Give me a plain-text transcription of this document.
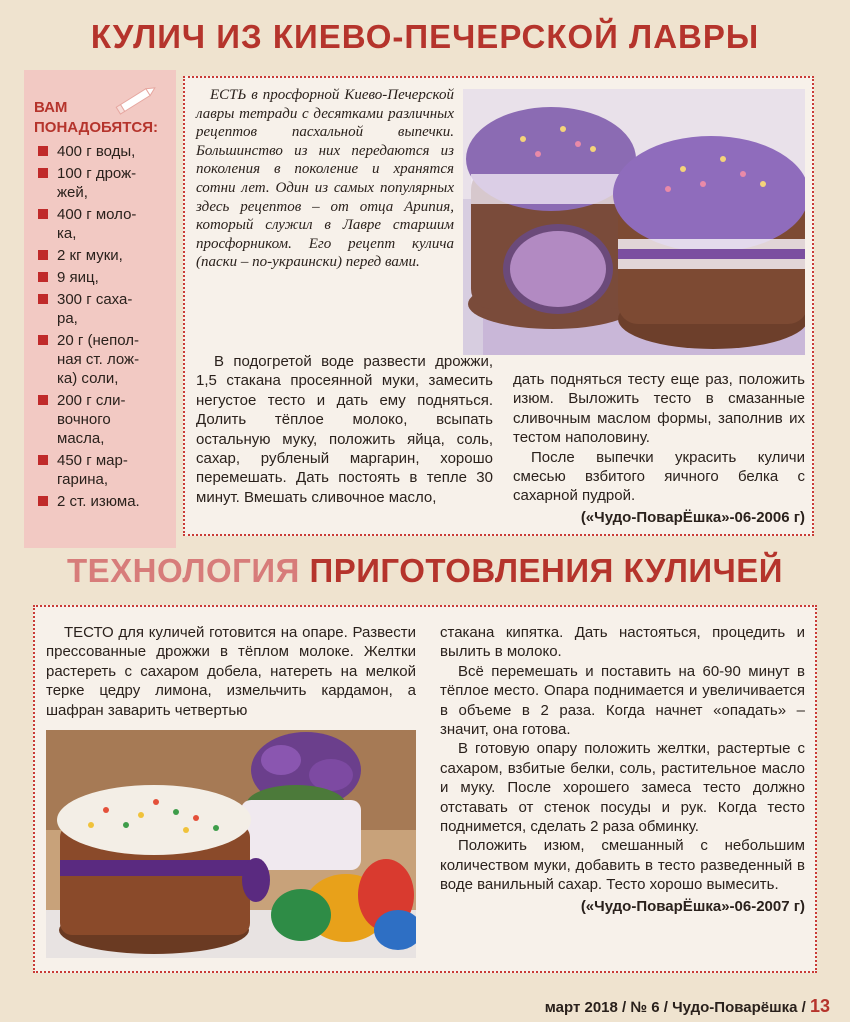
КУЛИЧ ИЗ КИЕВО-ПЕЧЕРСКОЙ ЛАВРЫ
ВАМ ПОНАДОБЯТСЯ:
400 г воды,
100 г дрож-
жей,
400 г моло-
ка,
2 кг муки,
9 яиц,
300 г саха-
ра,
20 г (непол-
ная ст. лож-
ка) соли,
200 г сли-
вочного
масла,
450 г мар-
гарина,
2 ст. изюма.

ЕСТЬ в просфорной Киево-Печерской лавры тетради с десятками различных рецептов пасхальной выпечки. Большинство из них передаются из поколения в поколение и хранятся сотни лет. Один из самых популярных здесь рецептов – от отца Арипия, который служил в Лавре старшим просфорником. Его рецепт кулича (паски – по-украински) перед вами.

В подогретой воде развести дрожжи, 1,5 стакана просеянной муки, замесить негустое тесто и дать ему подняться. Долить тёплое молоко, всыпать остальную муку, положить яйца, соль, сахар, рубленый маргарин, хорошо перемешать. Дать постоять в тепле 30 минут. Вмешать сливочное масло,

дать подняться тесту еще раз, положить изюм. Выложить тесто в смазанные сливочным маслом формы, заполнив их тестом наполовину.

После выпечки украсить куличи смесью взбитого яичного белка с сахарной пудрой.

(«Чудо-ПоварЁшка»-06-2006 г)

ТЕХНОЛОГИЯ ПРИГОТОВЛЕНИЯ КУЛИЧЕЙ

ТЕСТО для куличей готовится на опаре. Развести прессованные дрожжи в тёплом молоке. Желтки растереть с сахаром добела, натереть на мелкой терке цедру лимона, измельчить кардамон, а шафран заварить четвертью

стакана кипятка. Дать настояться, процедить и вылить в молоко.

Всё перемешать и поставить на 60-90 минут в тёплое место. Опара поднимается и увеличивается в объеме в 2 раза. Когда начнет «опадать» – значит, она готова.

В готовую опару положить желтки, растертые с сахаром, взбитые белки, соль, растительное масло и муку. После хорошего замеса тесто должно отставать от стенок посуды и рук. Когда тесто поднимется, сделать 2 раза обминку.

Положить изюм, смешанный с небольшим количеством муки, добавить в тесто разведенный в воде ванильный сахар. Тесто хорошо вымесить.

(«Чудо-ПоварЁшка»-06-2007 г)

март 2018 / № 6 / Чудо-Поварёшка / 13
